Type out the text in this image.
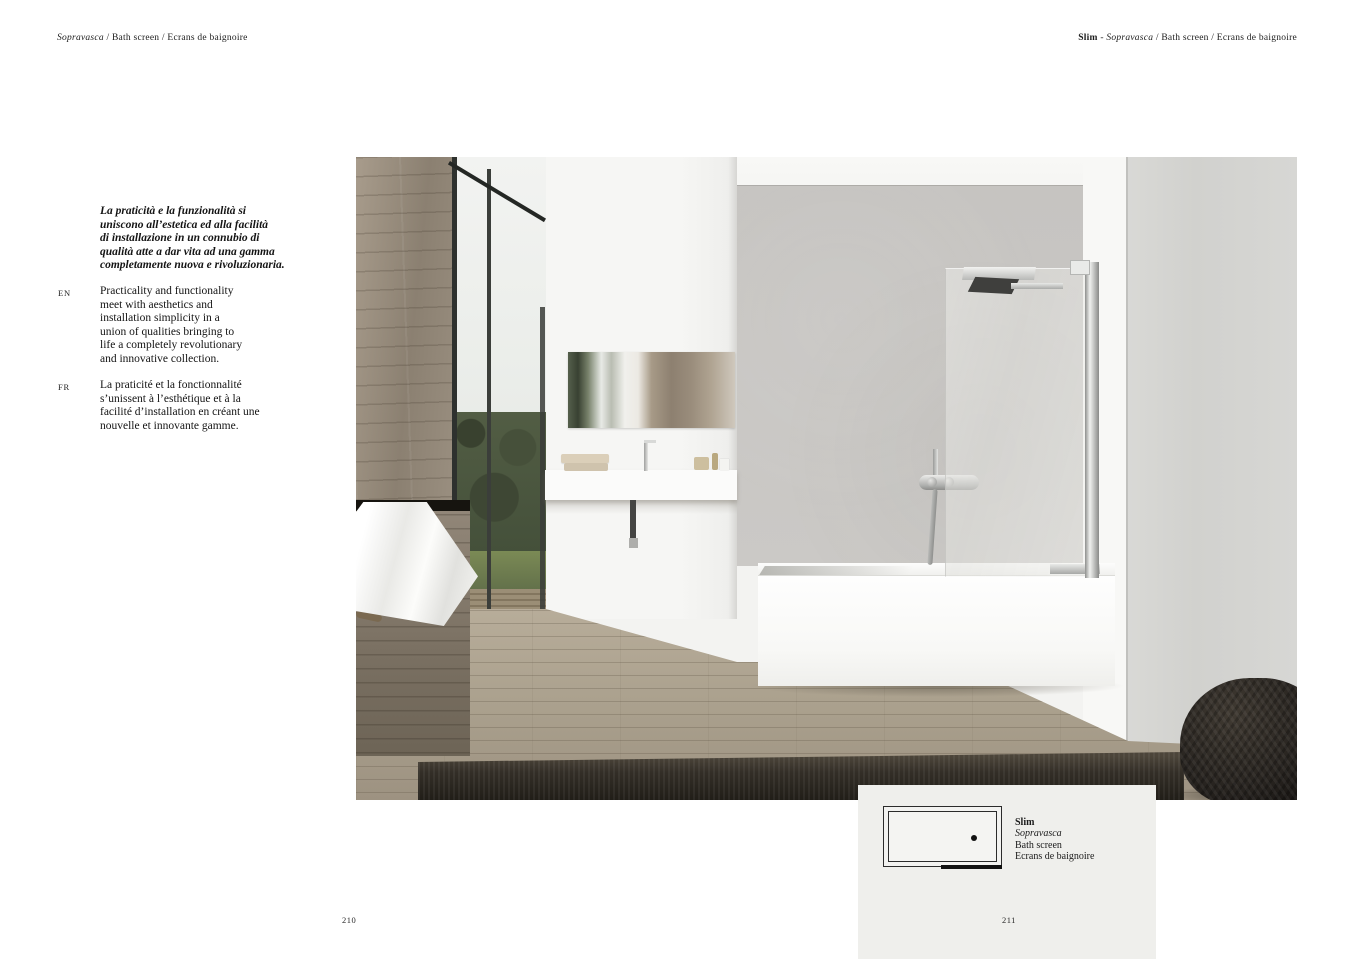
Sopravasca / Bath screen / Ecrans de baignoire	Slim - Sopravasca / Bath screen / Ecrans de baignoire
La praticità e la funzionalità si
uniscono all’estetica ed alla facilità
di installazione in un connubio di
qualità atte a dar vita ad una gamma
completamente nuova e rivoluzionaria.
EN	Practicality and functionality
meet with aesthetics and
installation simplicity in a
union of qualities bringing to
life a completely revolutionary
and innovative collection.
FR	La praticité et la fonctionnalité
s’unissent à l’esthétique et à la
facilité d’installation en créant une
nouvelle et innovante gamme.
Slim
Sopravasca
Bath screen
Ecrans de baignoire
210	211
